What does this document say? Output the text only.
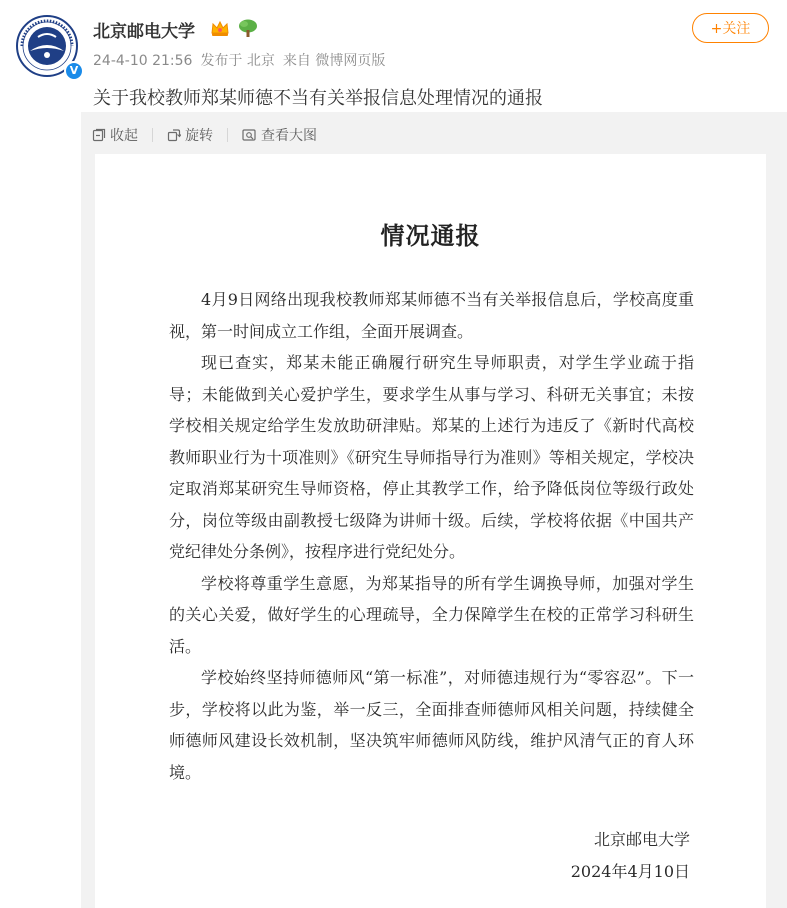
V
北京邮电大学
24-4-10 21:56 发布于 北京 来自 微博网页版
+关注
关于我校教师郑某师德不当有关举报信息处理情况的通报
收起	旋转	查看大图
情况通报

4月9日网络出现我校教师郑某师德不当有关举报信息后，学校高度重视，第一时间成立工作组，全面开展调查。

现已查实，郑某未能正确履行研究生导师职责，对学生学业疏于指导；未能做到关心爱护学生，要求学生从事与学习、科研无关事宜；未按学校相关规定给学生发放助研津贴。郑某的上述行为违反了《新时代高校教师职业行为十项准则》《研究生导师指导行为准则》等相关规定，学校决定取消郑某研究生导师资格，停止其教学工作，给予降低岗位等级行政处分，岗位等级由副教授七级降为讲师十级。后续，学校将依据《中国共产党纪律处分条例》，按程序进行党纪处分。

学校将尊重学生意愿，为郑某指导的所有学生调换导师，加强对学生的关心关爱，做好学生的心理疏导，全力保障学生在校的正常学习科研生活。

学校始终坚持师德师风“第一标准”，对师德违规行为“零容忍”。下一步，学校将以此为鉴，举一反三，全面排查师德师风相关问题，持续健全师德师风建设长效机制，坚决筑牢师德师风防线，维护风清气正的育人环境。

北京邮电大学
2024年4月10日
